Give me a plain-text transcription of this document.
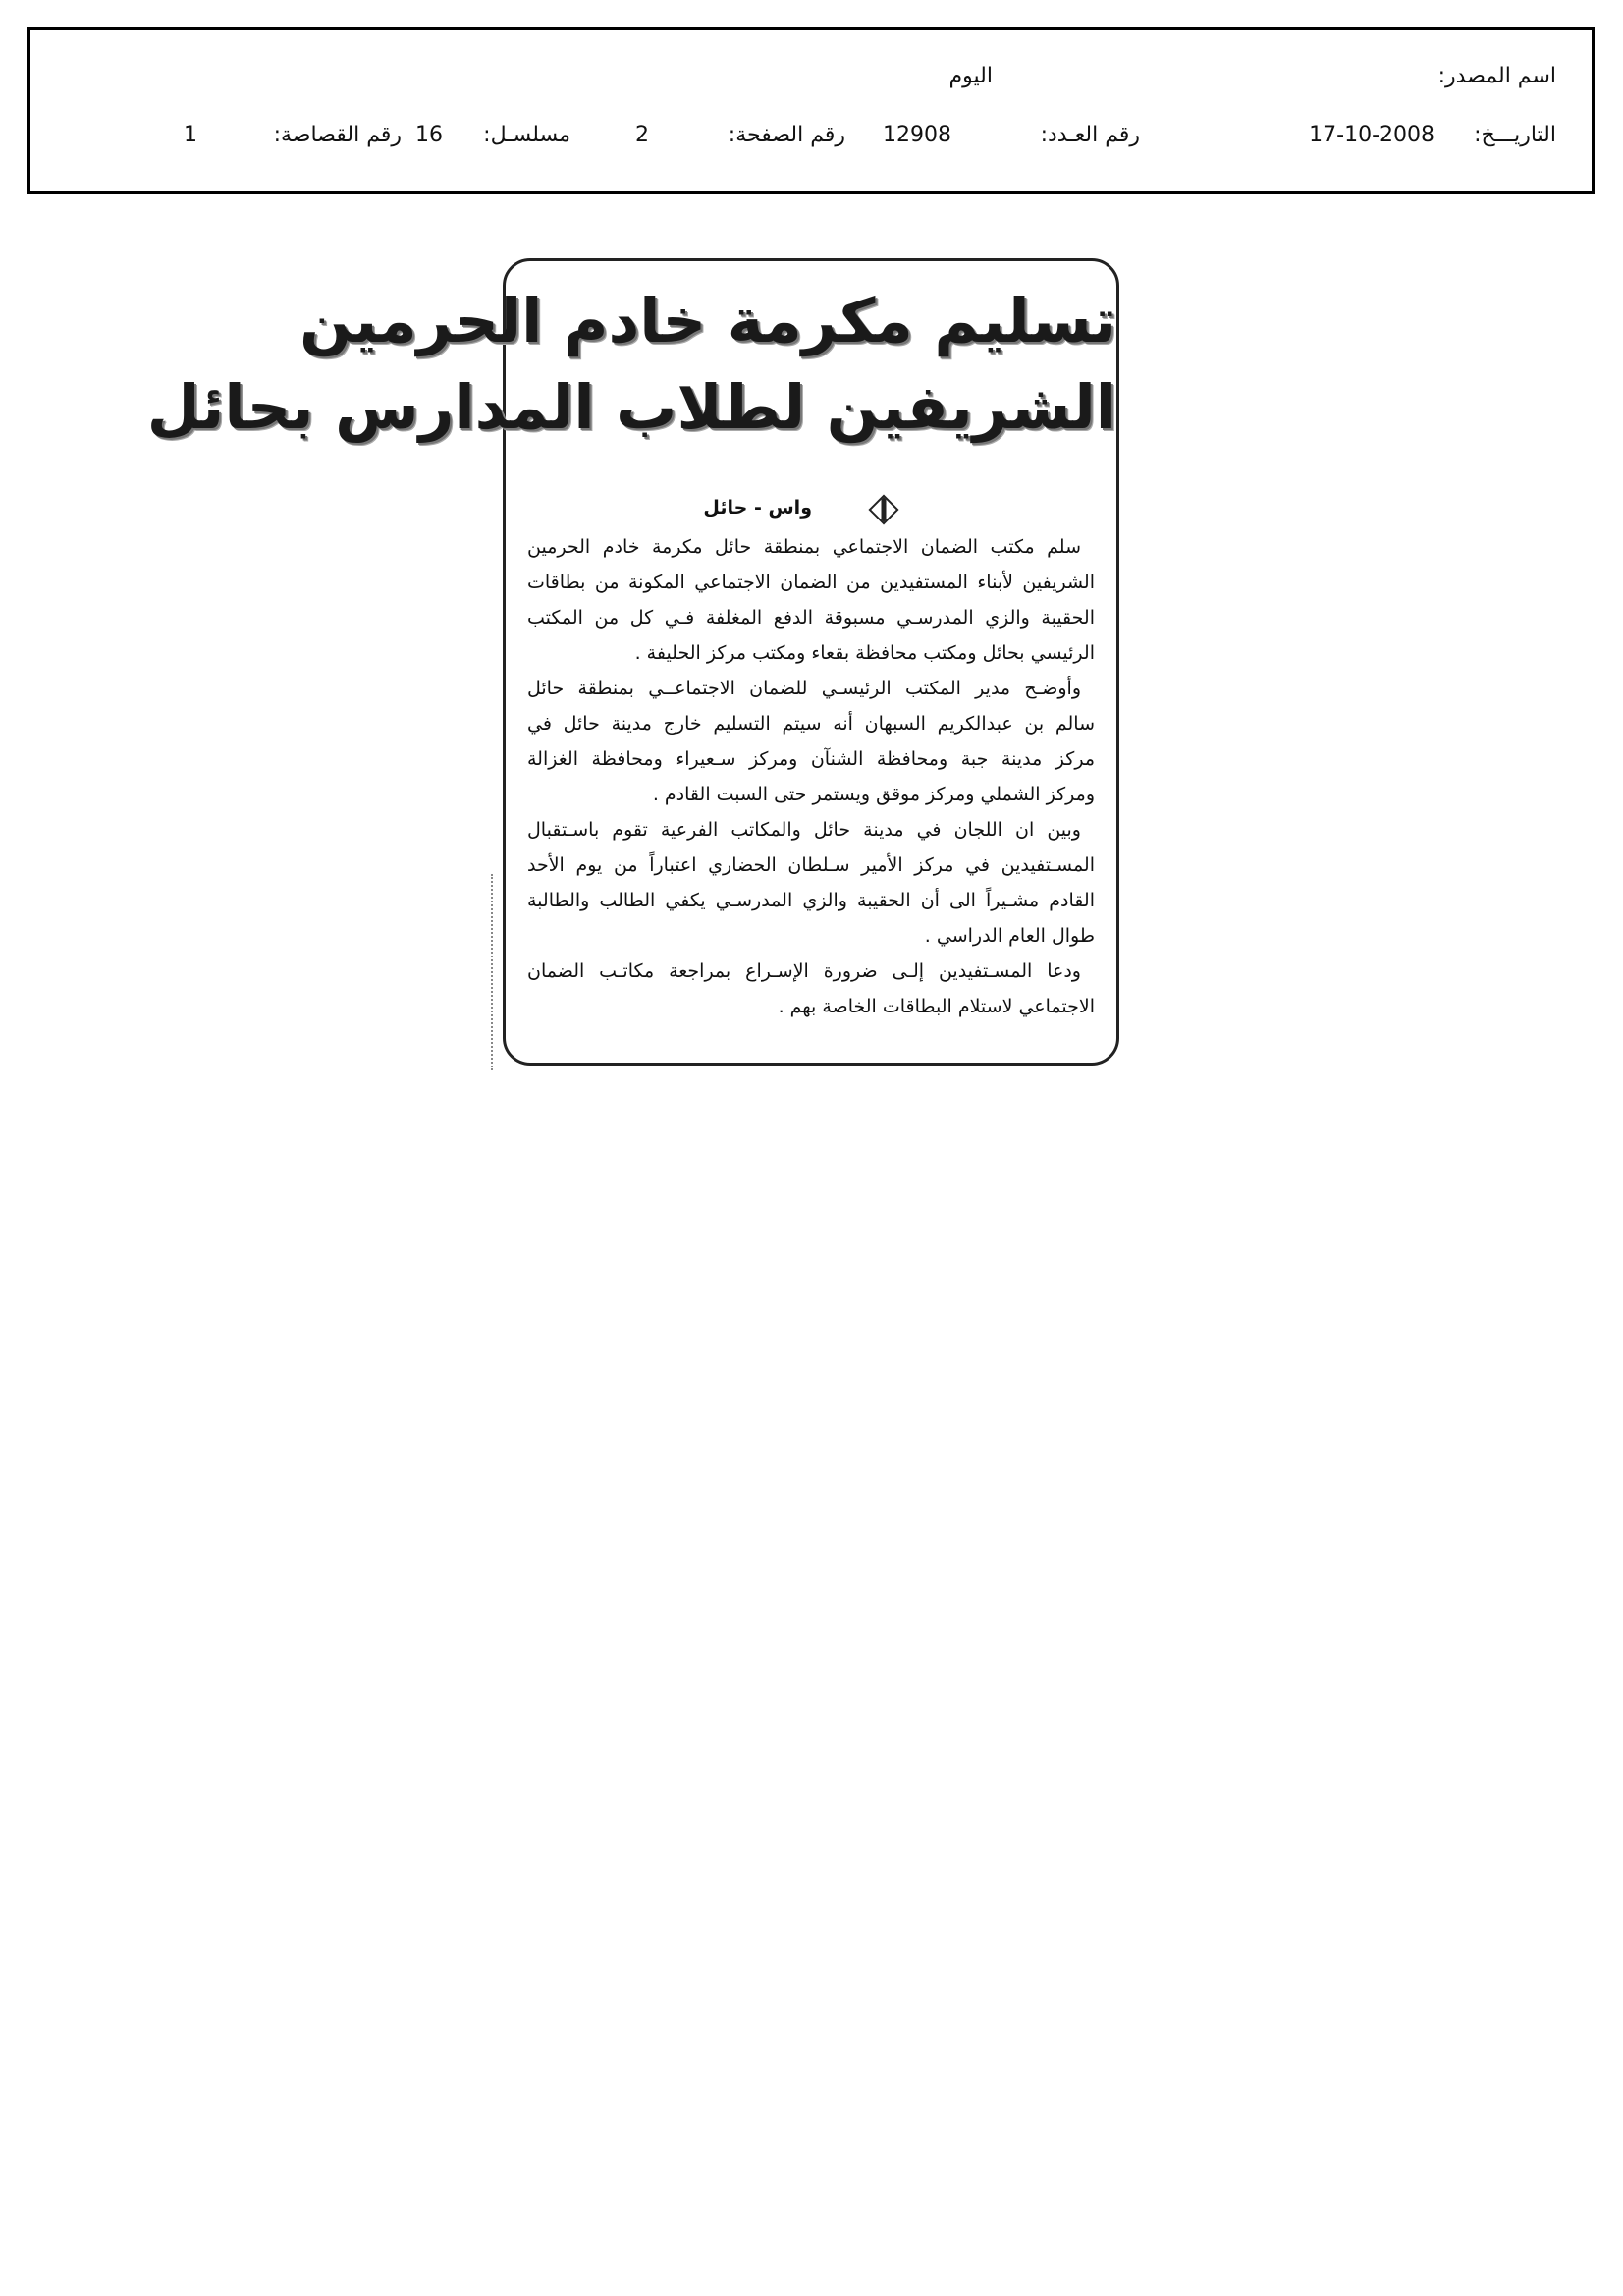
اسم المصدر:
اليوم
التاريـــخ:
17-10-2008
رقم العـدد:
12908
رقم الصفحة:
2
مسلسـل:
16
رقم القصاصة:
1
تسليم مكرمة خادم الحرمين
الشريفين لطلاب المدارس بحائل
واس - حائل
سلم مكتب الضمان الاجتماعي بمنطقة حائل مكرمة خادم الحرمين
الشريفين لأبناء المستفيدين من الضمان الاجتماعي المكونة من بطاقات
الحقيبة والزي المدرسـي مسبوقة الدفع المغلفة فـي كل من المكتب
الرئيسي بحائل ومكتب محافظة بقعاء ومكتب مركز الحليفة .
وأوضـح مدير المكتب الرئيسـي للضمان الاجتماعــي بمنطقة حائل
سالم بن عبدالكريم السبهان أنه سيتم التسليم خارج مدينة حائل في
مركز مدينة جبة ومحافظة الشنآن ومركز سـعيراء ومحافظة الغزالة
ومركز الشملي ومركز موقق ويستمر حتى السبت القادم .
وبين ان اللجان في مدينة حائل والمكاتب الفرعية تقوم باسـتقبال
المسـتفيدين في مركز الأمير سـلطان الحضاري اعتباراً من يوم الأحد
القادم مشـيراً الى أن الحقيبة والزي المدرسـي يكفي الطالب والطالبة
طوال العام الدراسي .
ودعا المسـتفيدين إلـى ضرورة الإسـراع بمراجعة مكاتـب الضمان
الاجتماعي لاستلام البطاقات الخاصة بهم .
